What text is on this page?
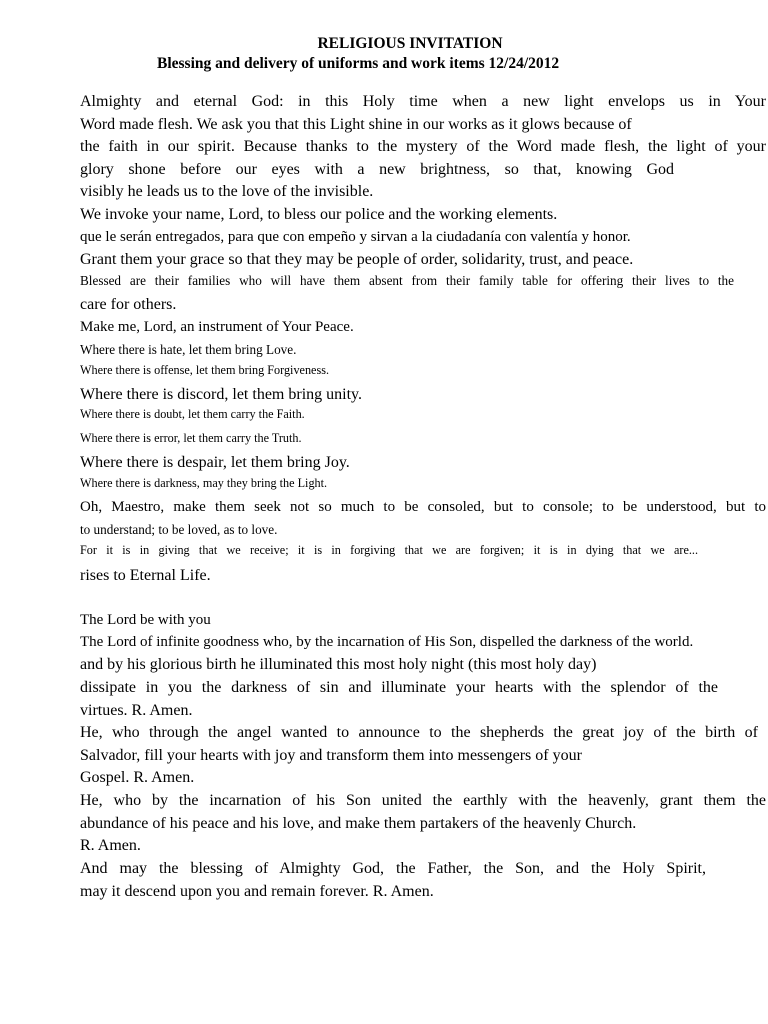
RELIGIOUS INVITATION
Blessing and delivery of uniforms and work items 12/24/2012
Almighty and eternal God: in this Holy time when a new light envelops us in Your
Word made flesh. We ask you that this Light shine in our works as it glows because of
the faith in our spirit. Because thanks to the mystery of the Word made flesh, the light of your
glory shone before our eyes with a new brightness, so that, knowing God
visibly he leads us to the love of the invisible.
We invoke your name, Lord, to bless our police and the working elements.
que le serán entregados, para que con empeño y sirvan a la ciudadanía con valentía y honor.
Grant them your grace so that they may be people of order, solidarity, trust, and peace.
Blessed are their families who will have them absent from their family table for offering their lives to the
care for others.
Make me, Lord, an instrument of Your Peace.
Where there is hate, let them bring Love.
Where there is offense, let them bring Forgiveness.
Where there is discord, let them bring unity.
Where there is doubt, let them carry the Faith.
Where there is error, let them carry the Truth.
Where there is despair, let them bring Joy.
Where there is darkness, may they bring the Light.
Oh, Maestro, make them seek not so much to be consoled, but to console; to be understood, but to
to understand; to be loved, as to love.
For it is in giving that we receive; it is in forgiving that we are forgiven; it is in dying that we are...
rises to Eternal Life.
The Lord be with you
The Lord of infinite goodness who, by the incarnation of His Son, dispelled the darkness of the world.
and by his glorious birth he illuminated this most holy night (this most holy day)
dissipate in you the darkness of sin and illuminate your hearts with the splendor of the
virtues. R. Amen.
He, who through the angel wanted to announce to the shepherds the great joy of the birth of
Salvador, fill your hearts with joy and transform them into messengers of your
Gospel. R. Amen.
He, who by the incarnation of his Son united the earthly with the heavenly, grant them the
abundance of his peace and his love, and make them partakers of the heavenly Church.
R. Amen.
And may the blessing of Almighty God, the Father, the Son, and the Holy Spirit,
may it descend upon you and remain forever. R. Amen.
